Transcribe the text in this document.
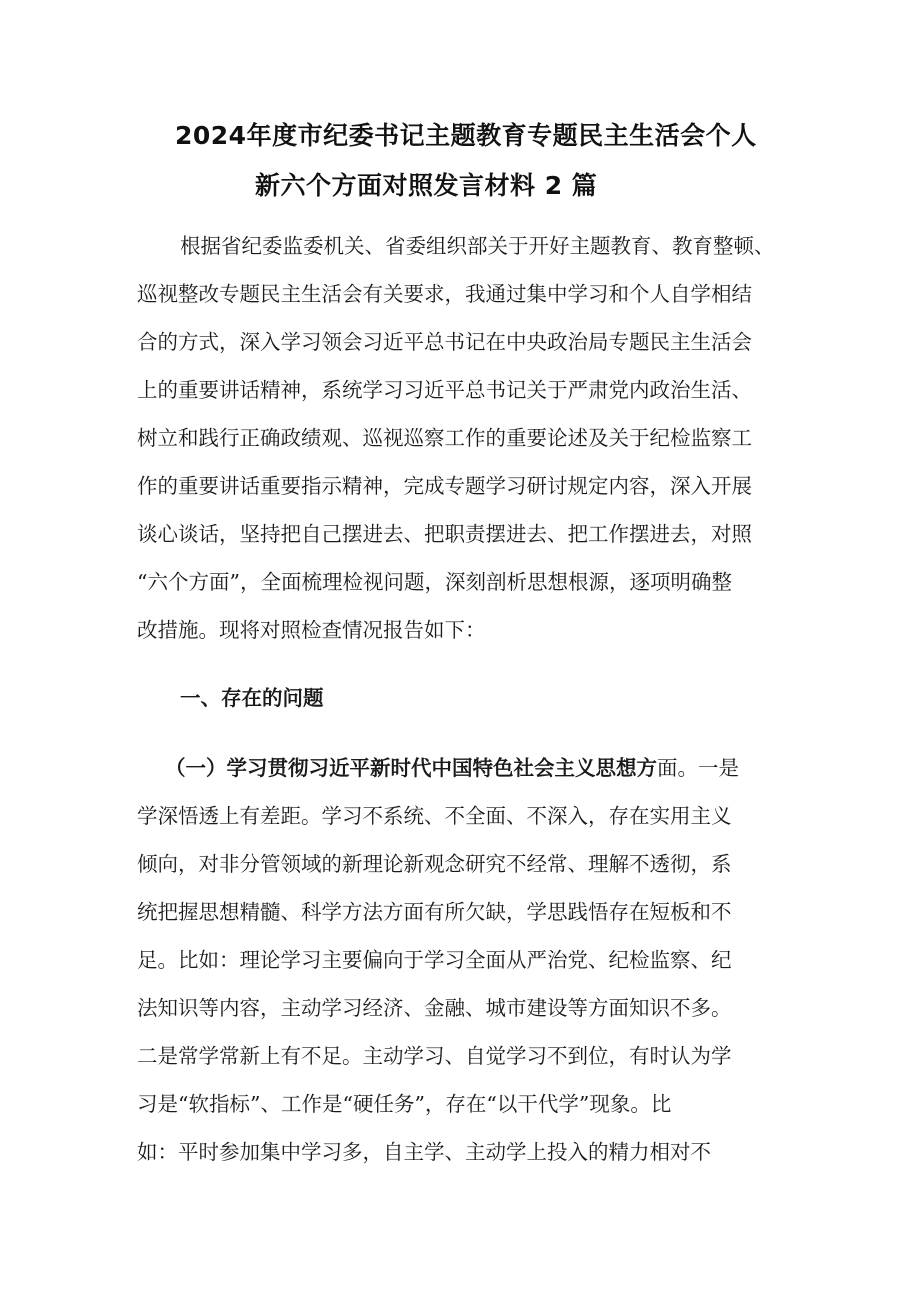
2024年度市纪委书记主题教育专题民主生活会个人
新六个方面对照发言材料 2 篇
根据省纪委监委机关、省委组织部关于开好主题教育、教育整顿、
巡视整改专题民主生活会有关要求，我通过集中学习和个人自学相结
合的方式，深入学习领会习近平总书记在中央政治局专题民主生活会
上的重要讲话精神，系统学习习近平总书记关于严肃党内政治生活、
树立和践行正确政绩观、巡视巡察工作的重要论述及关于纪检监察工
作的重要讲话重要指示精神，完成专题学习研讨规定内容，深入开展
谈心谈话，坚持把自己摆进去、把职责摆进去、把工作摆进去，对照
“六个方面”，全面梳理检视问题，深刻剖析思想根源，逐项明确整
改措施。现将对照检查情况报告如下：
一、存在的问题
（一）学习贯彻习近平新时代中国特色社会主义思想方面。一是
学深悟透上有差距。学习不系统、不全面、不深入，存在实用主义
倾向，对非分管领域的新理论新观念研究不经常、理解不透彻，系
统把握思想精髓、科学方法方面有所欠缺，学思践悟存在短板和不
足。比如：理论学习主要偏向于学习全面从严治党、纪检监察、纪
法知识等内容，主动学习经济、金融、城市建设等方面知识不多。
二是常学常新上有不足。主动学习、自觉学习不到位，有时认为学
习是“软指标”、工作是“硬任务”，存在“以干代学”现象。比
如：平时参加集中学习多，自主学、主动学上投入的精力相对不
